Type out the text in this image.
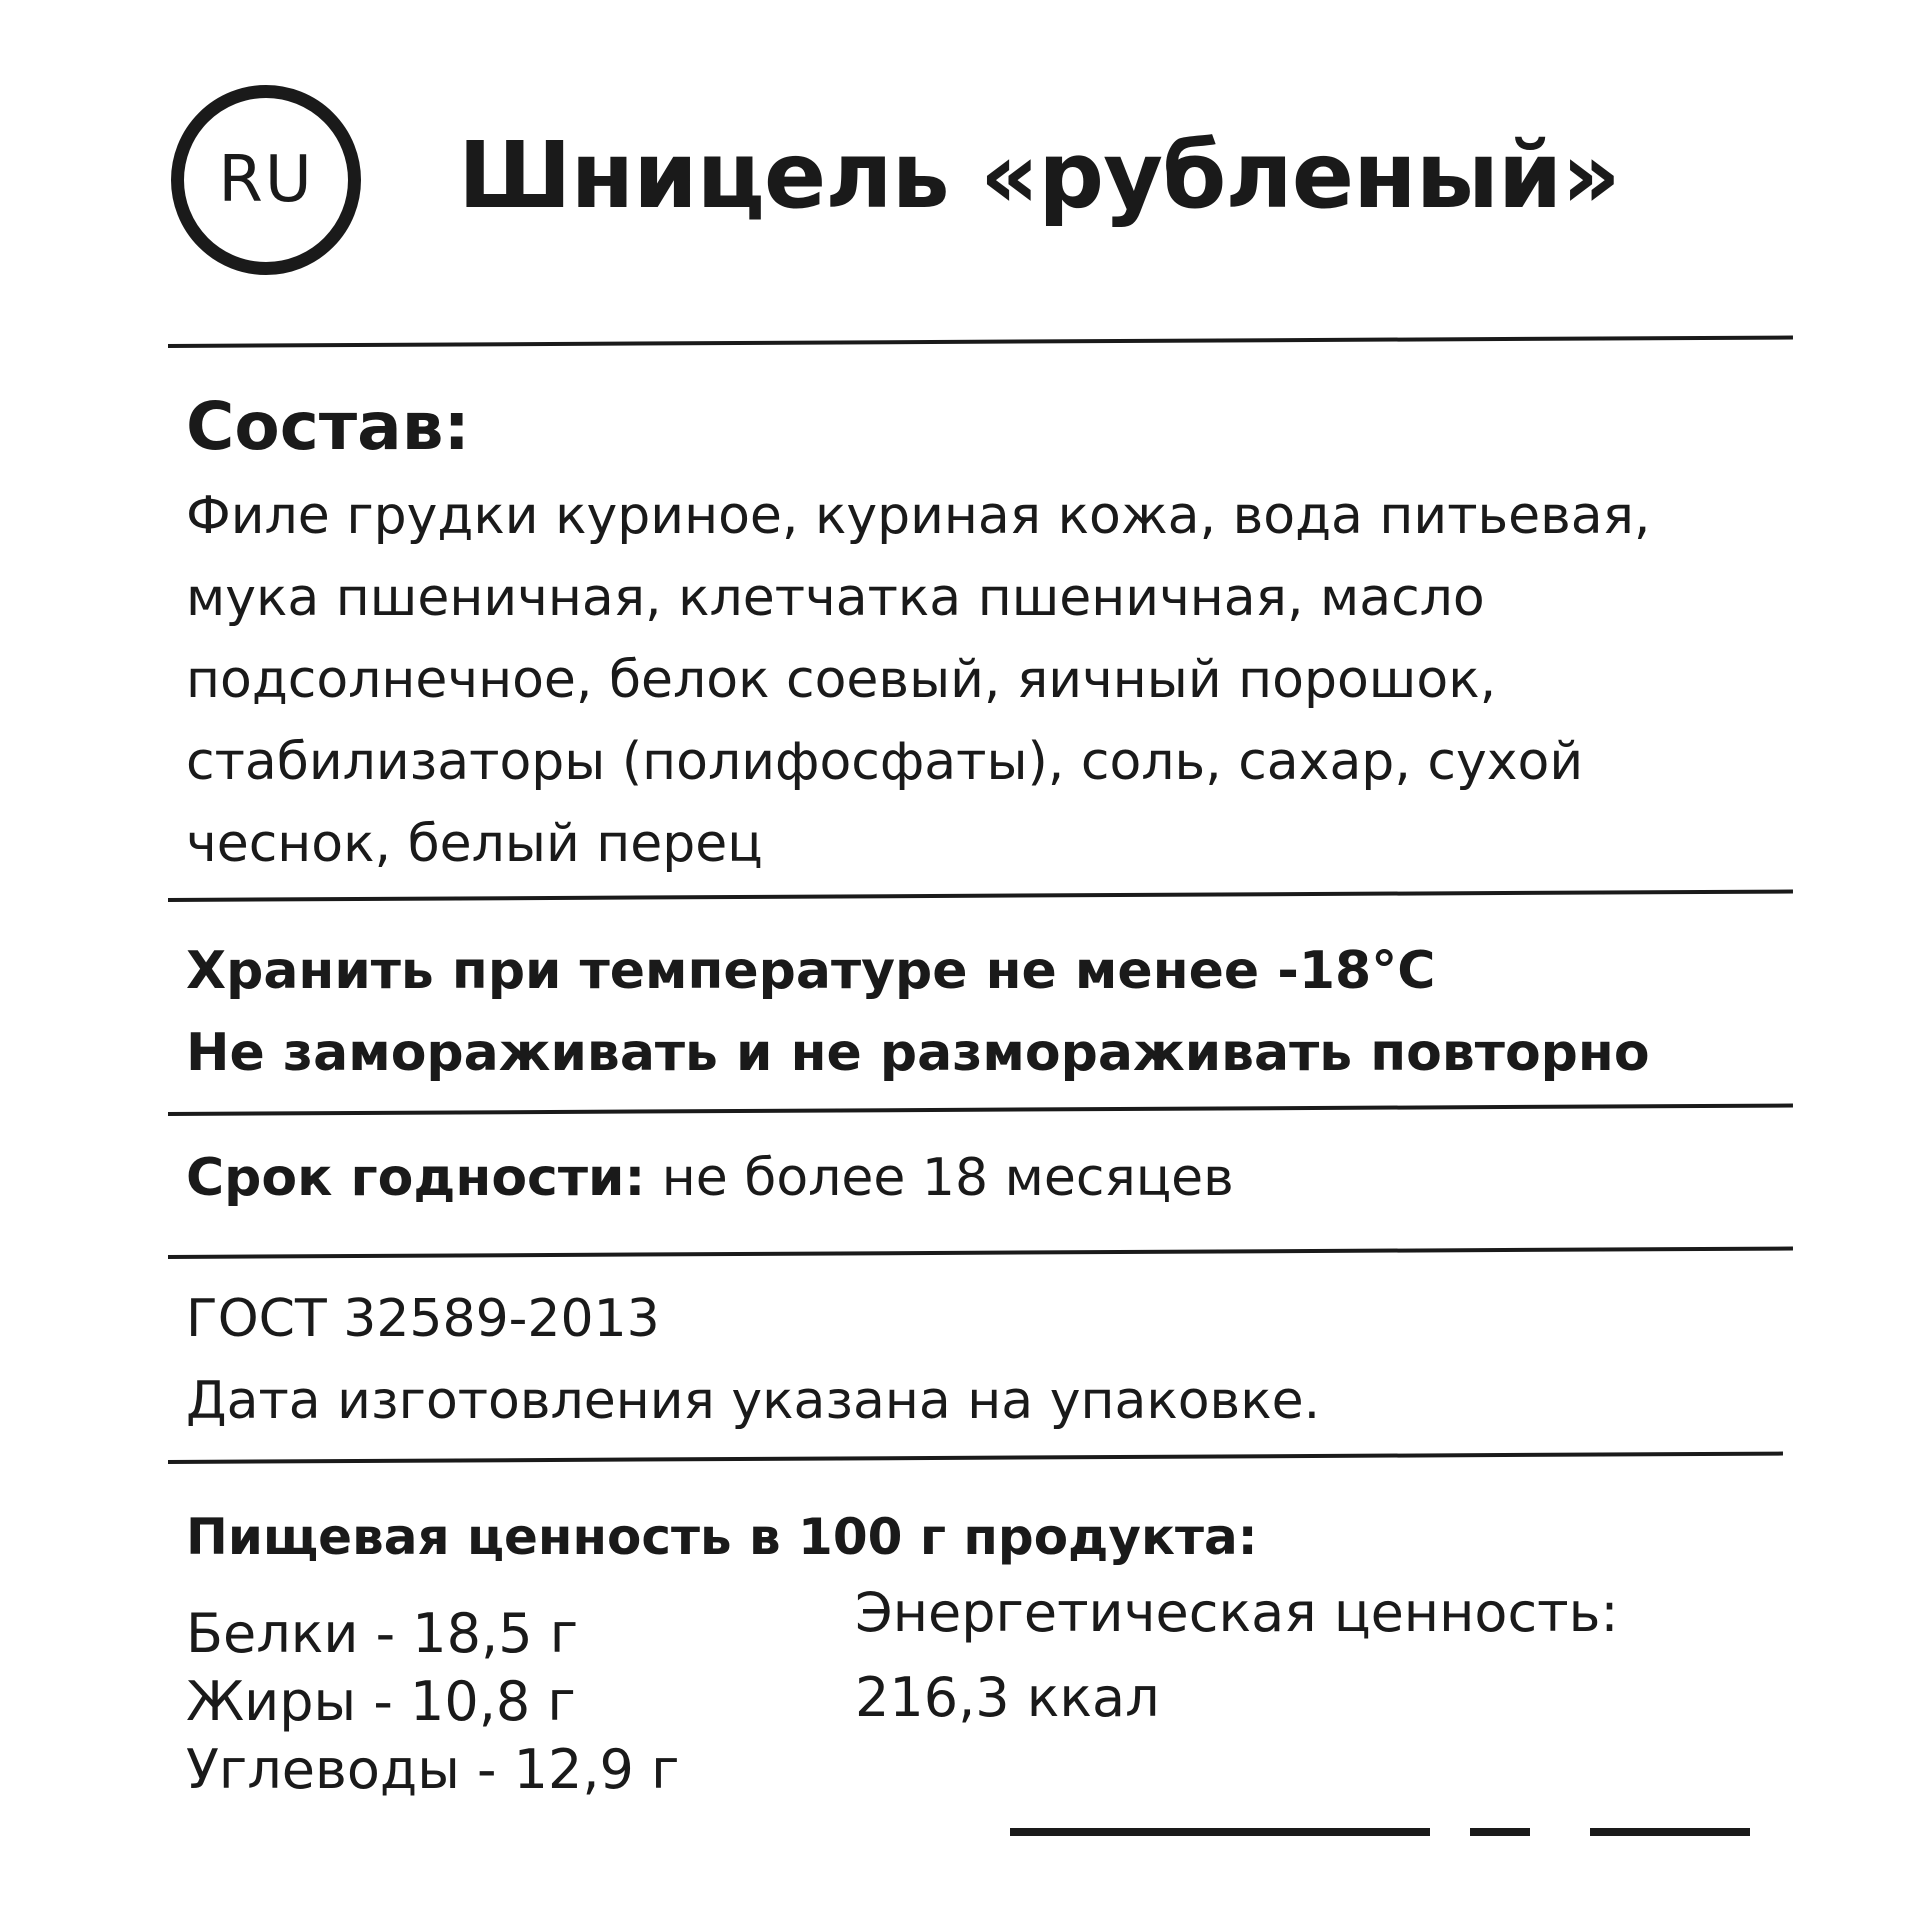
RU Шницель «рубленый»
Состав:

Филе грудки куриное, куриная кожа, вода питьевая, мука пшеничная, клетчатка пшеничная, масло подсолнечное, белок соевый, яичный порошок, стабилизаторы (полифосфаты), соль, сахар, сухой чеснок, белый перец

Хранить при температуре не менее -18°С
Не замораживать и не размораживать повторно
Срок годности: не более 18 месяцев
ГОСТ 32589-2013
Дата изготовления указана на упаковке.
Пищевая ценность в 100 г продукта:
Белки - 18,5 г
Жиры - 10,8 г
Углеводы - 12,9 г
Энергетическая ценность:
216,3 ккал
